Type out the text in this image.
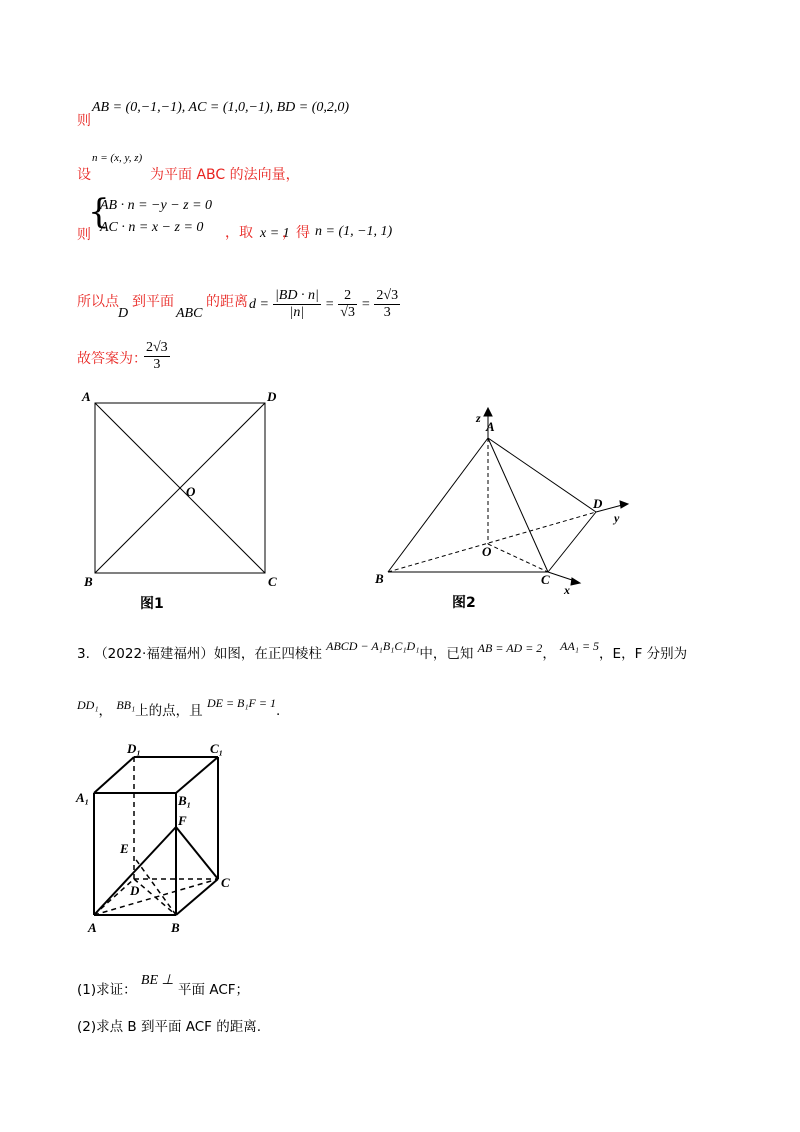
则
AB = (0,−1,−1), AC = (1,0,−1), BD = (0,2,0)
设
n = (x, y, z)
为平面 ABC 的法向量，
则
{
AB · n = −y − z = 0
AC · n = x − z = 0 ，取 x = 1
，得 n = (1, −1, 1)
所以点
D
到平面
ABC
的距离 $d = \frac{|BD \cdot n|}{|n|} = \frac{2}{√3} = \frac{2√3}{3}$
故答案为：
$\frac{2√3}{3}$
A	D
B	C
O
图1
z
A
D
y
O
B	C
x
图2
3. （2022·福建福州）如图，在正四棱柱 ABCD − A₁B₁C₁D₁中，已知 AB = AD = 2， AA₁ = 5，E，F 分别为
DD₁， BB₁上的点，且 DE = B₁F = 1.
D₁	C₁
A₁	B₁
F
E
D
C
A	B
(1)求证： BE ⊥ 平面 ACF；
(2)求点 B 到平面 ACF 的距离.
